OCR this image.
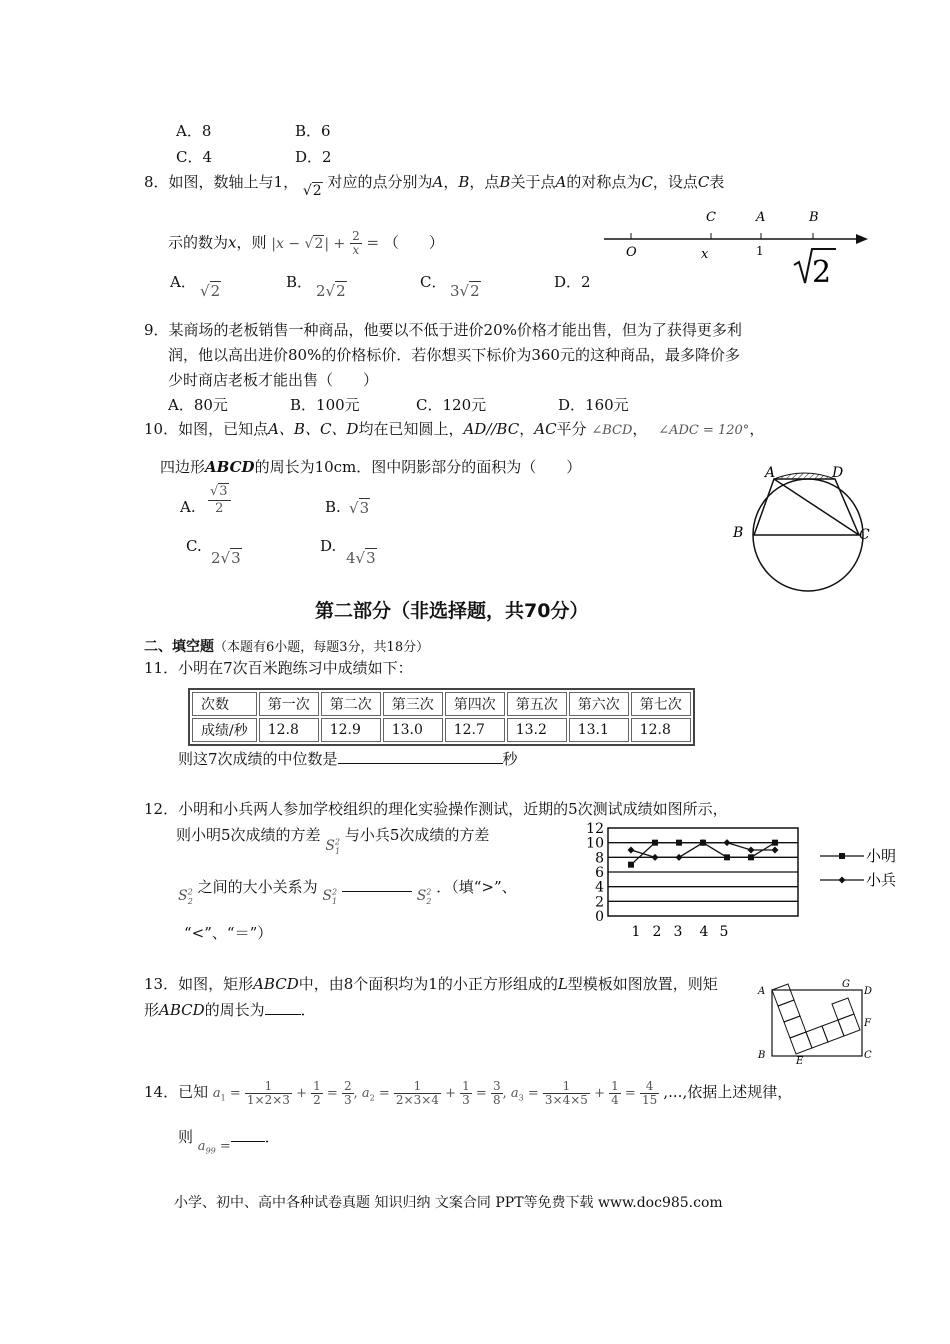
A．8	B．6
C．4	D．2
8．如图，数轴上与1， √2 对应的点分别为A，B，点B关于点A的对称点为C，设点C表
示的数为x，则 $|x - √2| + \frac{2}{x}$ = （　　）
C	A	B
O	x	1
2
A． √2	B． 2√2	C． 3√2	D．2
9．某商场的老板销售一种商品，他要以不低于进价20%价格才能出售，但为了获得更多利
润，他以高出进价80%的价格标价．若你想买下标价为360元的这种商品，最多降价多
少时商店老板才能出售（　　）
A．80元	B．100元	C．120元	D．160元
10．如图，已知点A、B、C、D均在已知圆上，AD//BC，AC平分 ∠BCD， ∠ADC = 120°，
四边形ABCD的周长为10cm．图中阴影部分的面积为（　　）
A. $\frac{√3}{2}$	B. √3
C.
2√3
D.
4√3
A	D
B	C
第二部分（非选择题，共70分）
二、填空题（本题有6小题，每题3分，共18分）
11．小明在7次百米跑练习中成绩如下：
次数	第一次	第二次	第三次	第四次	第五次	第六次	第七次
成绩/秒	12.8	12.9	13.0	12.7	13.2	13.1	12.8
则这7次成绩的中位数是	秒
12．小明和小兵两人参加学校组织的理化实验操作测试，近期的5次测试成绩如图所示，
则小明5次成绩的方差 $S^2_1$ 与小兵5次成绩的方差
$S^2_2$ 之间的大小关系为 $S^2_1$	$S^2_2$ ．（填“>”、
“<”、“＝”）
0
2
4
6
8
10
12
1 2 3 4 5
小明
小兵
13．如图，矩形ABCD中，由8个面积均为1的小正方形组成的L型模板如图放置，则矩
形ABCD的周长为 ．
A
G
D
F
B
E
C
14．已知 $a_1 = \frac{1}{1\times 2\times 3} + \frac{1}{2} = \frac{2}{3}$ , $a_2 = \frac{1}{2\times 3\times 4} + \frac{1}{3} = \frac{3}{8}$ , $a_3 = \frac{1}{3\times 4\times 5} + \frac{1}{4} = \frac{4}{15}$ ,...,依据上述规律，
则 $a_{99}$ =．
小学、初中、高中各种试卷真题 知识归纳 文案合同 PPT等免费下载 www.doc985.com
